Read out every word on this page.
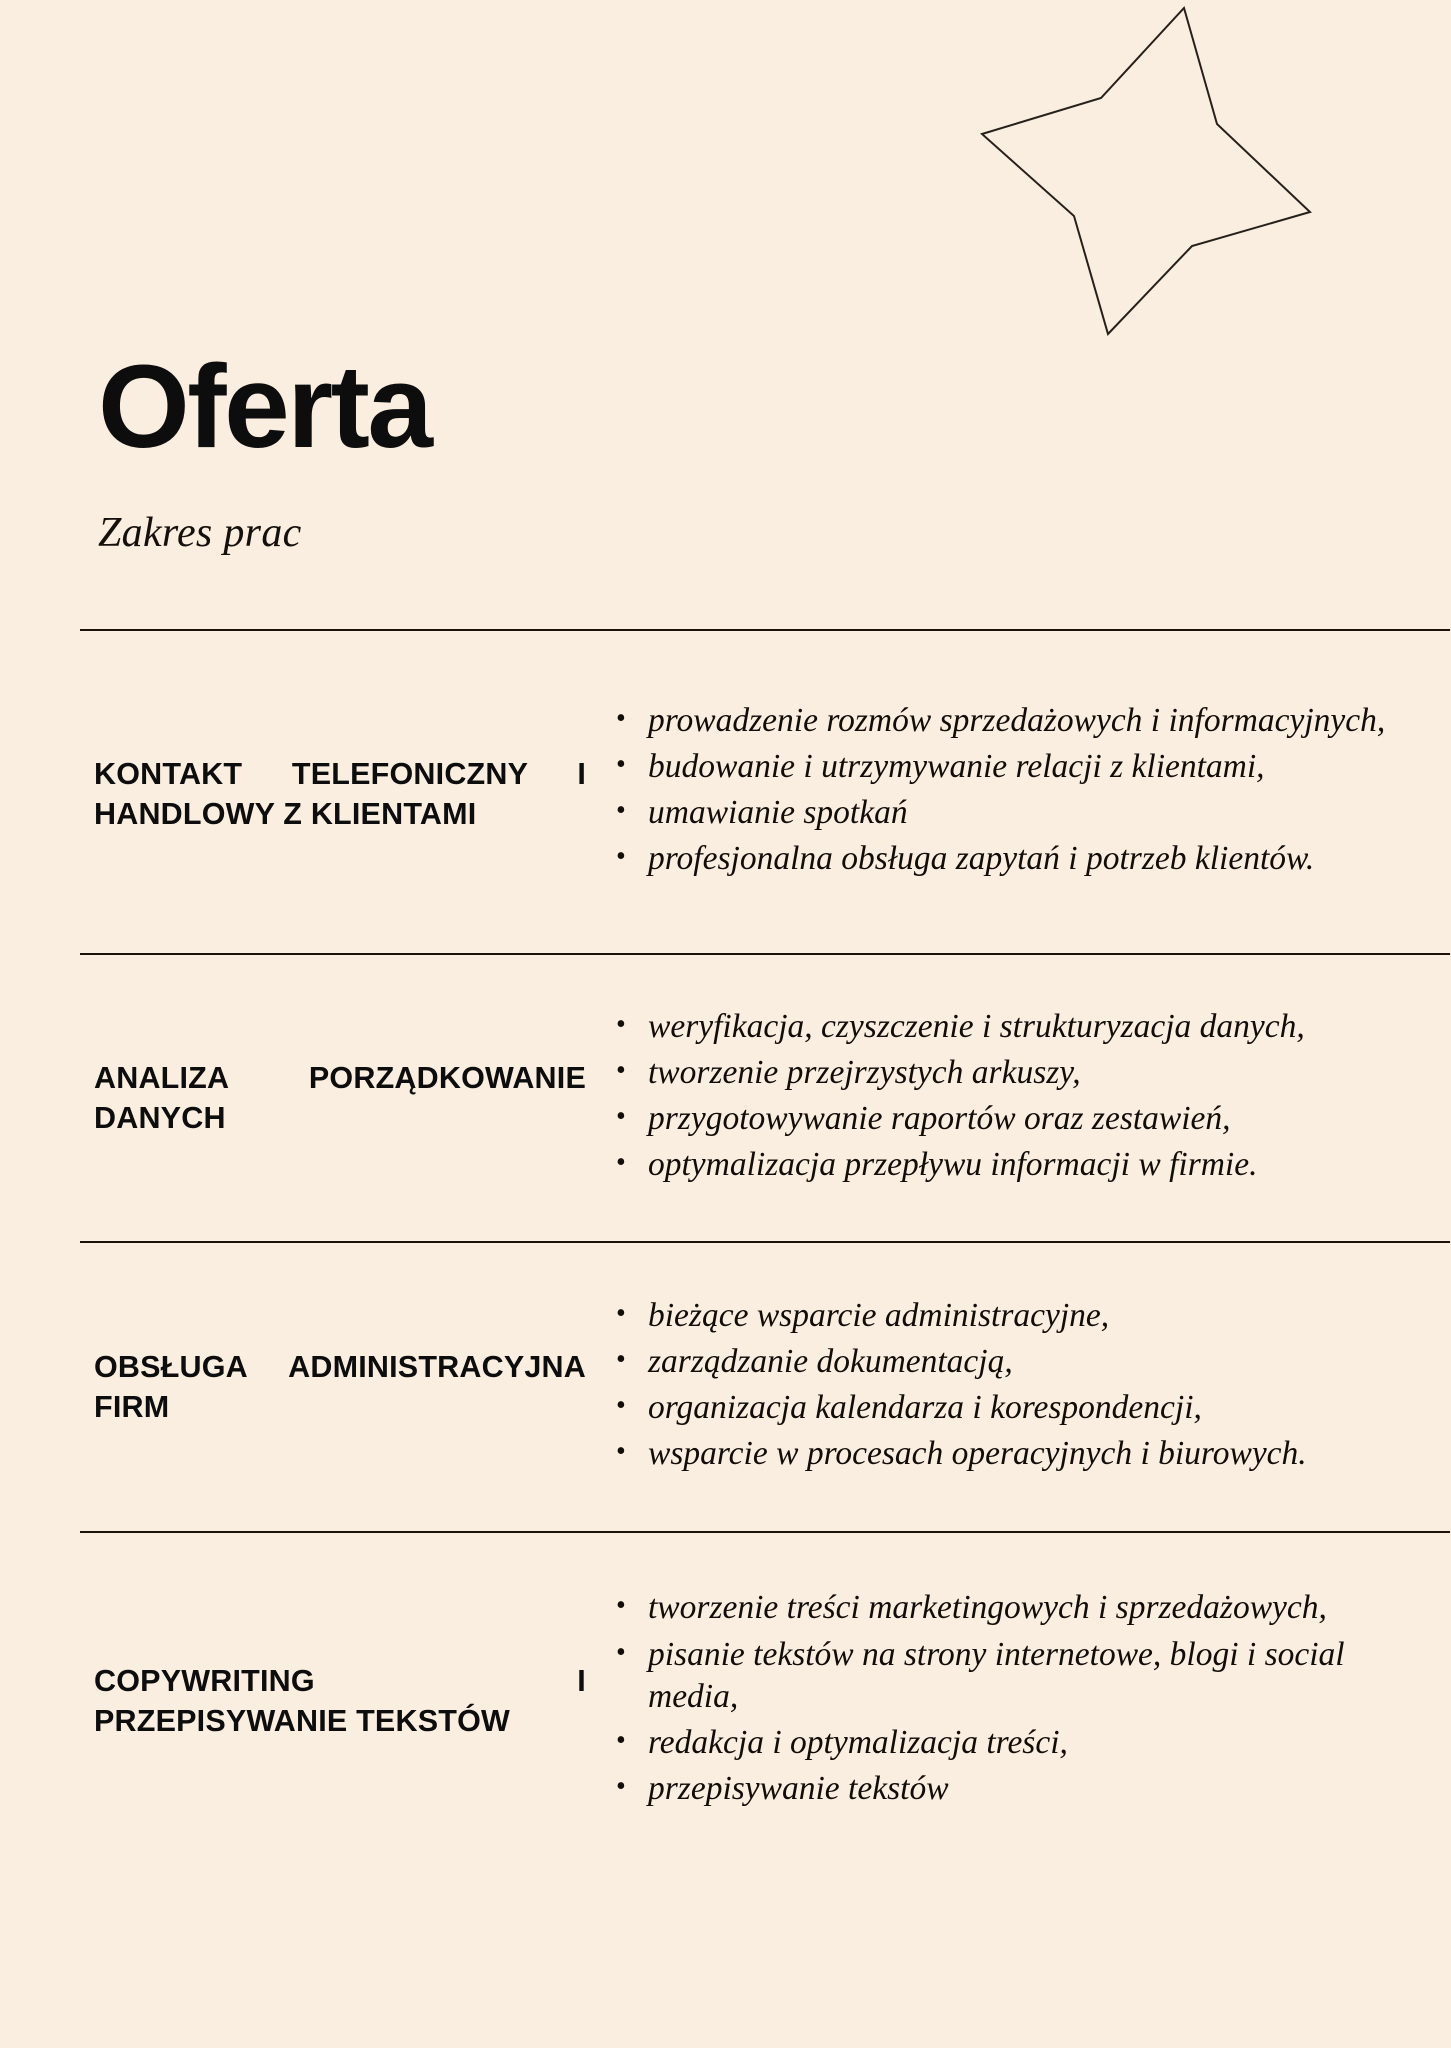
Oferta
Zakres prac
KONTAKT TELEFONICZNY I HANDLOWY Z KLIENTAMI
• prowadzenie rozmów sprzedażowych i informacyjnych,
• budowanie i utrzymywanie relacji z klientami,
• umawianie spotkań
• profesjonalna obsługa zapytań i potrzeb klientów.
ANALIZA PORZĄDKOWANIE DANYCH
• weryfikacja, czyszczenie i strukturyzacja danych,
• tworzenie przejrzystych arkuszy,
• przygotowywanie raportów oraz zestawień,
• optymalizacja przepływu informacji w firmie.
OBSŁUGA ADMINISTRACYJNA FIRM
• bieżące wsparcie administracyjne,
• zarządzanie dokumentacją,
• organizacja kalendarza i korespondencji,
• wsparcie w procesach operacyjnych i biurowych.
COPYWRITING I PRZEPISYWANIE TEKSTÓW
• tworzenie treści marketingowych i sprzedażowych,
• pisanie tekstów na strony internetowe, blogi i social media,
• redakcja i optymalizacja treści,
• przepisywanie tekstów
